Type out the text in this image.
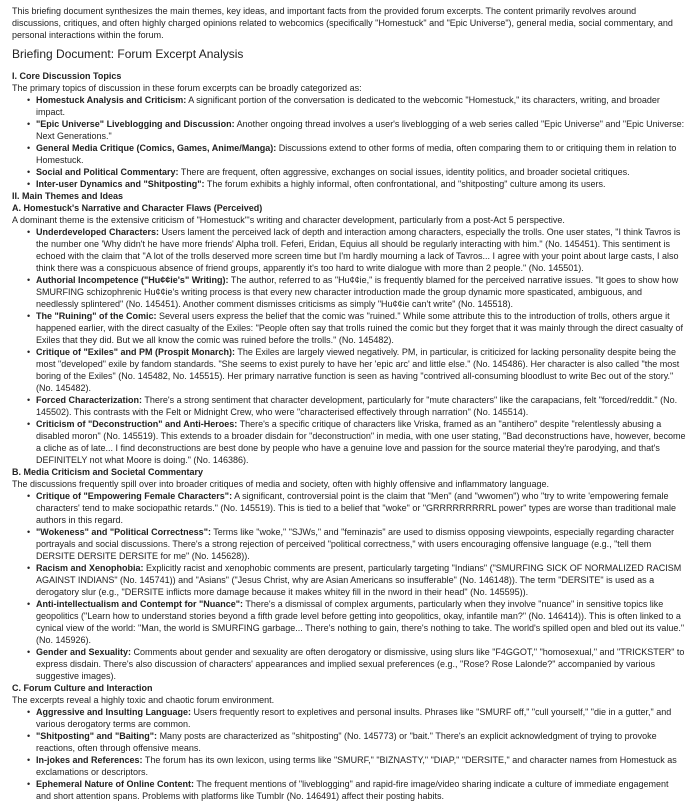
This briefing document synthesizes the main themes, key ideas, and important facts from the provided forum excerpts. The content primarily revolves around discussions, critiques, and often highly charged opinions related to webcomics (specifically "Homestuck" and "Epic Universe"), general media, social commentary, and personal interactions within the forum.

Briefing Document: Forum Excerpt Analysis
I. Core Discussion Topics
The primary topics of discussion in these forum excerpts can be broadly categorized as:
• Homestuck Analysis and Criticism: A significant portion of the conversation is dedicated to the webcomic "Homestuck," its characters, writing, and broader impact.
• "Epic Universe" Liveblogging and Discussion: Another ongoing thread involves a user's liveblogging of a web series called "Epic Universe" and "Epic Universe: Next Generations."
• General Media Critique (Comics, Games, Anime/Manga): Discussions extend to other forms of media, often comparing them to or critiquing them in relation to Homestuck.
• Social and Political Commentary: There are frequent, often aggressive, exchanges on social issues, identity politics, and broader societal critiques.
• Inter-user Dynamics and "Shitposting": The forum exhibits a highly informal, often confrontational, and "shitposting" culture among its users.
II. Main Themes and Ideas
A. Homestuck's Narrative and Character Flaws (Perceived)
A dominant theme is the extensive criticism of "Homestuck"'s writing and character development, particularly from a post-Act 5 perspective.
• Underdeveloped Characters: Users lament the perceived lack of depth and interaction among characters, especially the trolls. One user states, "I think Tavros is the number one 'Why didn't he have more friends' Alpha troll. Feferi, Eridan, Equius all should be regularly interacting with him." (No. 145451). This sentiment is echoed with the claim that "A lot of the trolls deserved more screen time but I'm hardly mourning a lack of Tavros... I agree with your point about large casts, I also think there was a conspicuous absence of friend groups, apparently it's too hard to write dialogue with more than 2 people." (No. 145501).
• Authorial Incompetence ("Hu¢¢ie's" Writing): The author, referred to as "Hu¢¢ie," is frequently blamed for the perceived narrative issues. "It goes to show how SMURFING schizophrenic Hu¢¢ie's writing process is that every new character introduction made the group dynamic more spasticated, ambiguous, and needlessly splintered" (No. 145451). Another comment dismisses criticisms as simply "Hu¢¢ie can't write" (No. 145518).
• The "Ruining" of the Comic: Several users express the belief that the comic was "ruined." While some attribute this to the introduction of trolls, others argue it happened earlier, with the direct casualty of the Exiles: "People often say that trolls ruined the comic but they forget that it was mainly through the direct casualty of Exiles that they did. But we all know the comic was ruined before the trolls." (No. 145482).
• Critique of "Exiles" and PM (Prospit Monarch): The Exiles are largely viewed negatively. PM, in particular, is criticized for lacking personality despite being the most "developed" exile by fandom standards. "She seems to exist purely to have her 'epic arc' and little else." (No. 145486). Her character is also called "the most boring of the Exiles" (No. 145482, No. 145515). Her primary narrative function is seen as having "contrived all-consuming bloodlust to write Bec out of the story." (No. 145482).
• Forced Characterization: There's a strong sentiment that character development, particularly for "mute characters" like the carapacians, felt "forced/reddit." (No. 145502). This contrasts with the Felt or Midnight Crew, who were "characterised effectively through narration" (No. 145514).
• Criticism of "Deconstruction" and Anti-Heroes: There's a specific critique of characters like Vriska, framed as an "antihero" despite "relentlessly abusing a disabled moron" (No. 145519). This extends to a broader disdain for "deconstruction" in media, with one user stating, "Bad deconstructions have, however, become a cliche as of late... I find deconstructions are best done by people who have a genuine love and passion for the source material they're parodying, and that's DEFINITELY not what Moore is doing." (No. 146386).
B. Media Criticism and Societal Commentary
The discussions frequently spill over into broader critiques of media and society, often with highly offensive and inflammatory language.
• Critique of "Empowering Female Characters": A significant, controversial point is the claim that "Men" (and "wwomen") who "try to write 'empowering female characters' tend to make sociopathic retards." (No. 145519). This is tied to a belief that "woke" or "GRRRRRRRRRL power" types are worse than traditional male authors in this regard.
• "Wokeness" and "Political Correctness": Terms like "woke," "SJWs," and "feminazis" are used to dismiss opposing viewpoints, especially regarding character portrayals and social discussions. There's a strong rejection of perceived "political correctness," with users encouraging offensive language (e.g., "tell them DERSITE DERSITE DERSITE for me" (No. 145628)).
• Racism and Xenophobia: Explicitly racist and xenophobic comments are present, particularly targeting "Indians" ("SMURFING SICK OF NORMALIZED RACISM AGAINST INDIANS" (No. 145741)) and "Asians" ("Jesus Christ, why are Asian Americans so insufferable" (No. 146148)). The term "DERSITE" is used as a derogatory slur (e.g., "DERSITE inflicts more damage because it makes whitey fill in the nword in their head" (No. 145595)).
• Anti-intellectualism and Contempt for "Nuance": There's a dismissal of complex arguments, particularly when they involve "nuance" in sensitive topics like geopolitics ("Learn how to understand stories beyond a fifth grade level before getting into geopolitics, okay, infantile man?" (No. 146414)). This is often linked to a cynical view of the world: "Man, the world is SMURFING garbage... There's nothing to gain, there's nothing to take. The world's spilled open and bled out its value." (No. 145926).
• Gender and Sexuality: Comments about gender and sexuality are often derogatory or dismissive, using slurs like "F4GGOT," "homosexual," and "TRICKSTER" to express disdain. There's also discussion of characters' appearances and implied sexual preferences (e.g., "Rose? Rose Lalonde?" accompanied by various suggestive images).
C. Forum Culture and Interaction
The excerpts reveal a highly toxic and chaotic forum environment.
• Aggressive and Insulting Language: Users frequently resort to expletives and personal insults. Phrases like "SMURF off," "cull yourself," "die in a gutter," and various derogatory terms are common.
• "Shitposting" and "Baiting": Many posts are characterized as "shitposting" (No. 145773) or "bait." There's an explicit acknowledgment of trying to provoke reactions, often through offensive means.
• In-jokes and References: The forum has its own lexicon, using terms like "SMURF," "BIZNASTY," "DIAP," "DERSITE," and character names from Homestuck as exclamations or descriptors.
• Ephemeral Nature of Online Content: The frequent mentions of "liveblogging" and rapid-fire image/video sharing indicate a culture of immediate engagement and short attention spans. Problems with platforms like Tumblr (No. 146491) affect their posting habits.
